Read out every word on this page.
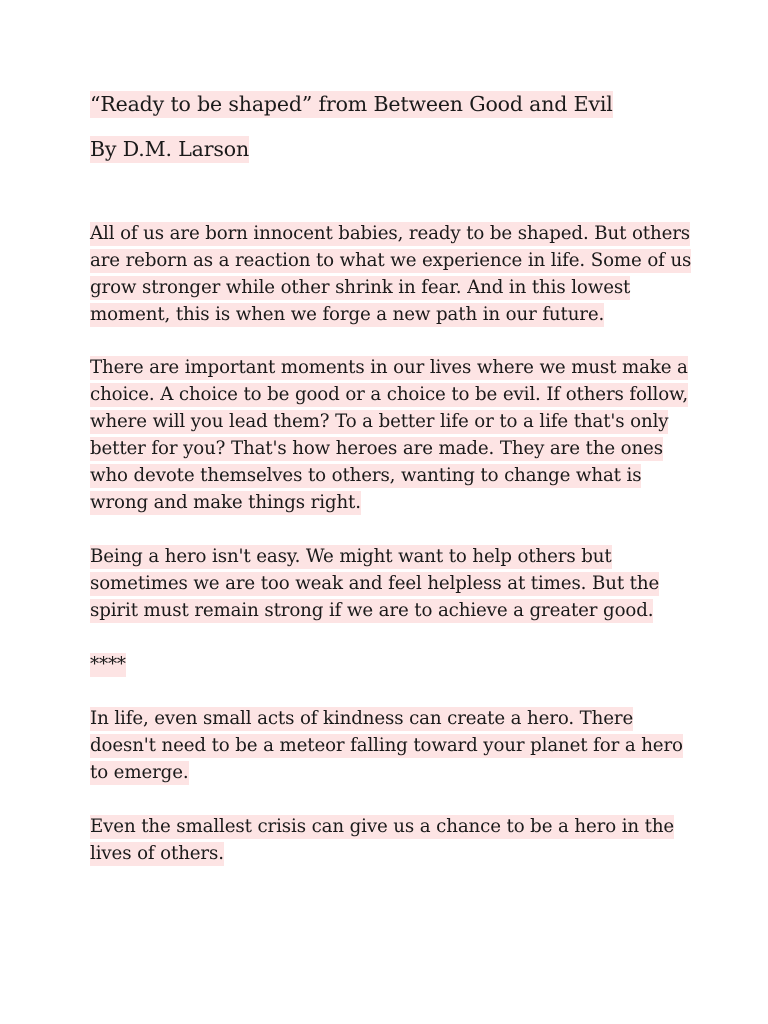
“Ready to be shaped” from Between Good and Evil
By D.M. Larson
All of us are born innocent babies, ready to be shaped. But others
are reborn as a reaction to what we experience in life. Some of us
grow stronger while other shrink in fear. And in this lowest
moment, this is when we forge a new path in our future.
There are important moments in our lives where we must make a
choice. A choice to be good or a choice to be evil. If others follow,
where will you lead them? To a better life or to a life that's only
better for you? That's how heroes are made. They are the ones
who devote themselves to others, wanting to change what is
wrong and make things right.
Being a hero isn't easy. We might want to help others but
sometimes we are too weak and feel helpless at times. But the
spirit must remain strong if we are to achieve a greater good.
****
In life, even small acts of kindness can create a hero. There
doesn't need to be a meteor falling toward your planet for a hero
to emerge.
Even the smallest crisis can give us a chance to be a hero in the
lives of others.
